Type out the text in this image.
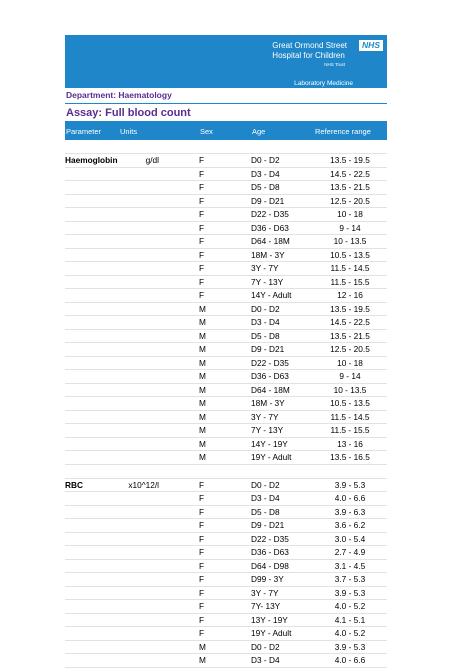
Great Ormond Street
Hospital for Children
NHS Trust
NHS
Laboratory Medicine
Department: Haematology
Assay: Full blood count
Parameter	Units	Sex	Age	Reference range
Haemoglobin	g/dl	F	D0 - D2	13.5 - 19.5
F	D3 - D4	14.5 - 22.5
F	D5 - D8	13.5 - 21.5
F	D9 - D21	12.5 - 20.5
F	D22 - D35	10 - 18
F	D36 - D63	9 - 14
F	D64 - 18M	10 - 13.5
F	18M - 3Y	10.5 - 13.5
F	3Y - 7Y	11.5 - 14.5
F	7Y - 13Y	11.5 - 15.5
F	14Y - Adult	12 - 16
M	D0 - D2	13.5 - 19.5
M	D3 - D4	14.5 - 22.5
M	D5 - D8	13.5 - 21.5
M	D9 - D21	12.5 - 20.5
M	D22 - D35	10 - 18
M	D36 - D63	9 - 14
M	D64 - 18M	10 - 13.5
M	18M - 3Y	10.5 - 13.5
M	3Y - 7Y	11.5 - 14.5
M	7Y - 13Y	11.5 - 15.5
M	14Y - 19Y	13 - 16
M	19Y - Adult	13.5 - 16.5
RBC	x10^12/l	F	D0 - D2	3.9 - 5.3
F	D3 - D4	4.0 - 6.6
F	D5 - D8	3.9 - 6.3
F	D9 - D21	3.6 - 6.2
F	D22 - D35	3.0 - 5.4
F	D36 - D63	2.7 - 4.9
F	D64 - D98	3.1 - 4.5
F	D99 - 3Y	3.7 - 5.3
F	3Y - 7Y	3.9 - 5.3
F	7Y- 13Y	4.0 - 5.2
F	13Y - 19Y	4.1 - 5.1
F	19Y - Adult	4.0 - 5.2
M	D0 - D2	3.9 - 5.3
M	D3 - D4	4.0 - 6.6
